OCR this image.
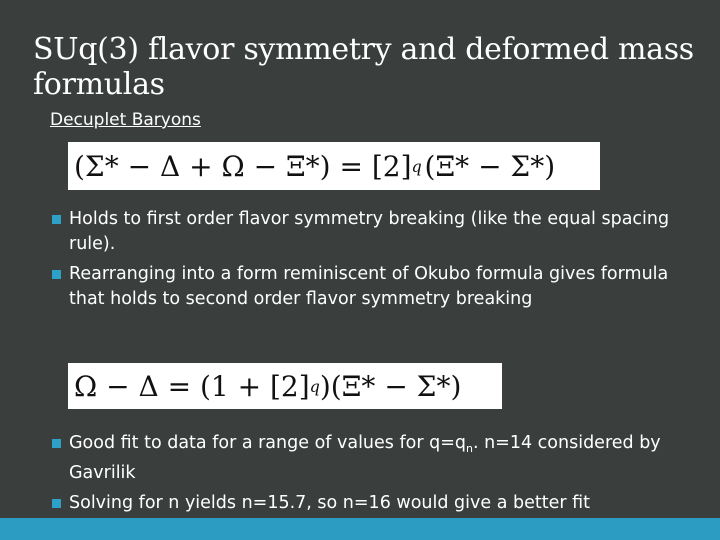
SUq(3) flavor symmetry and deformed mass formulas
Decuplet Baryons
(Σ* − Δ + Ω − Ξ*) = [2] q
  (Ξ* − Σ*)
Holds to first order flavor symmetry breaking (like the equal spacing rule).
Rearranging into a form reminiscent of Okubo formula gives formula that holds to second order flavor symmetry breaking
Ω − Δ = (1 + [2] q )(Ξ* − Σ*)
Good fit to data for a range of values for $q=q_n$. n=14 considered by Gavrilik
Solving for n yields n=15.7, so n=16 would give a better fit
